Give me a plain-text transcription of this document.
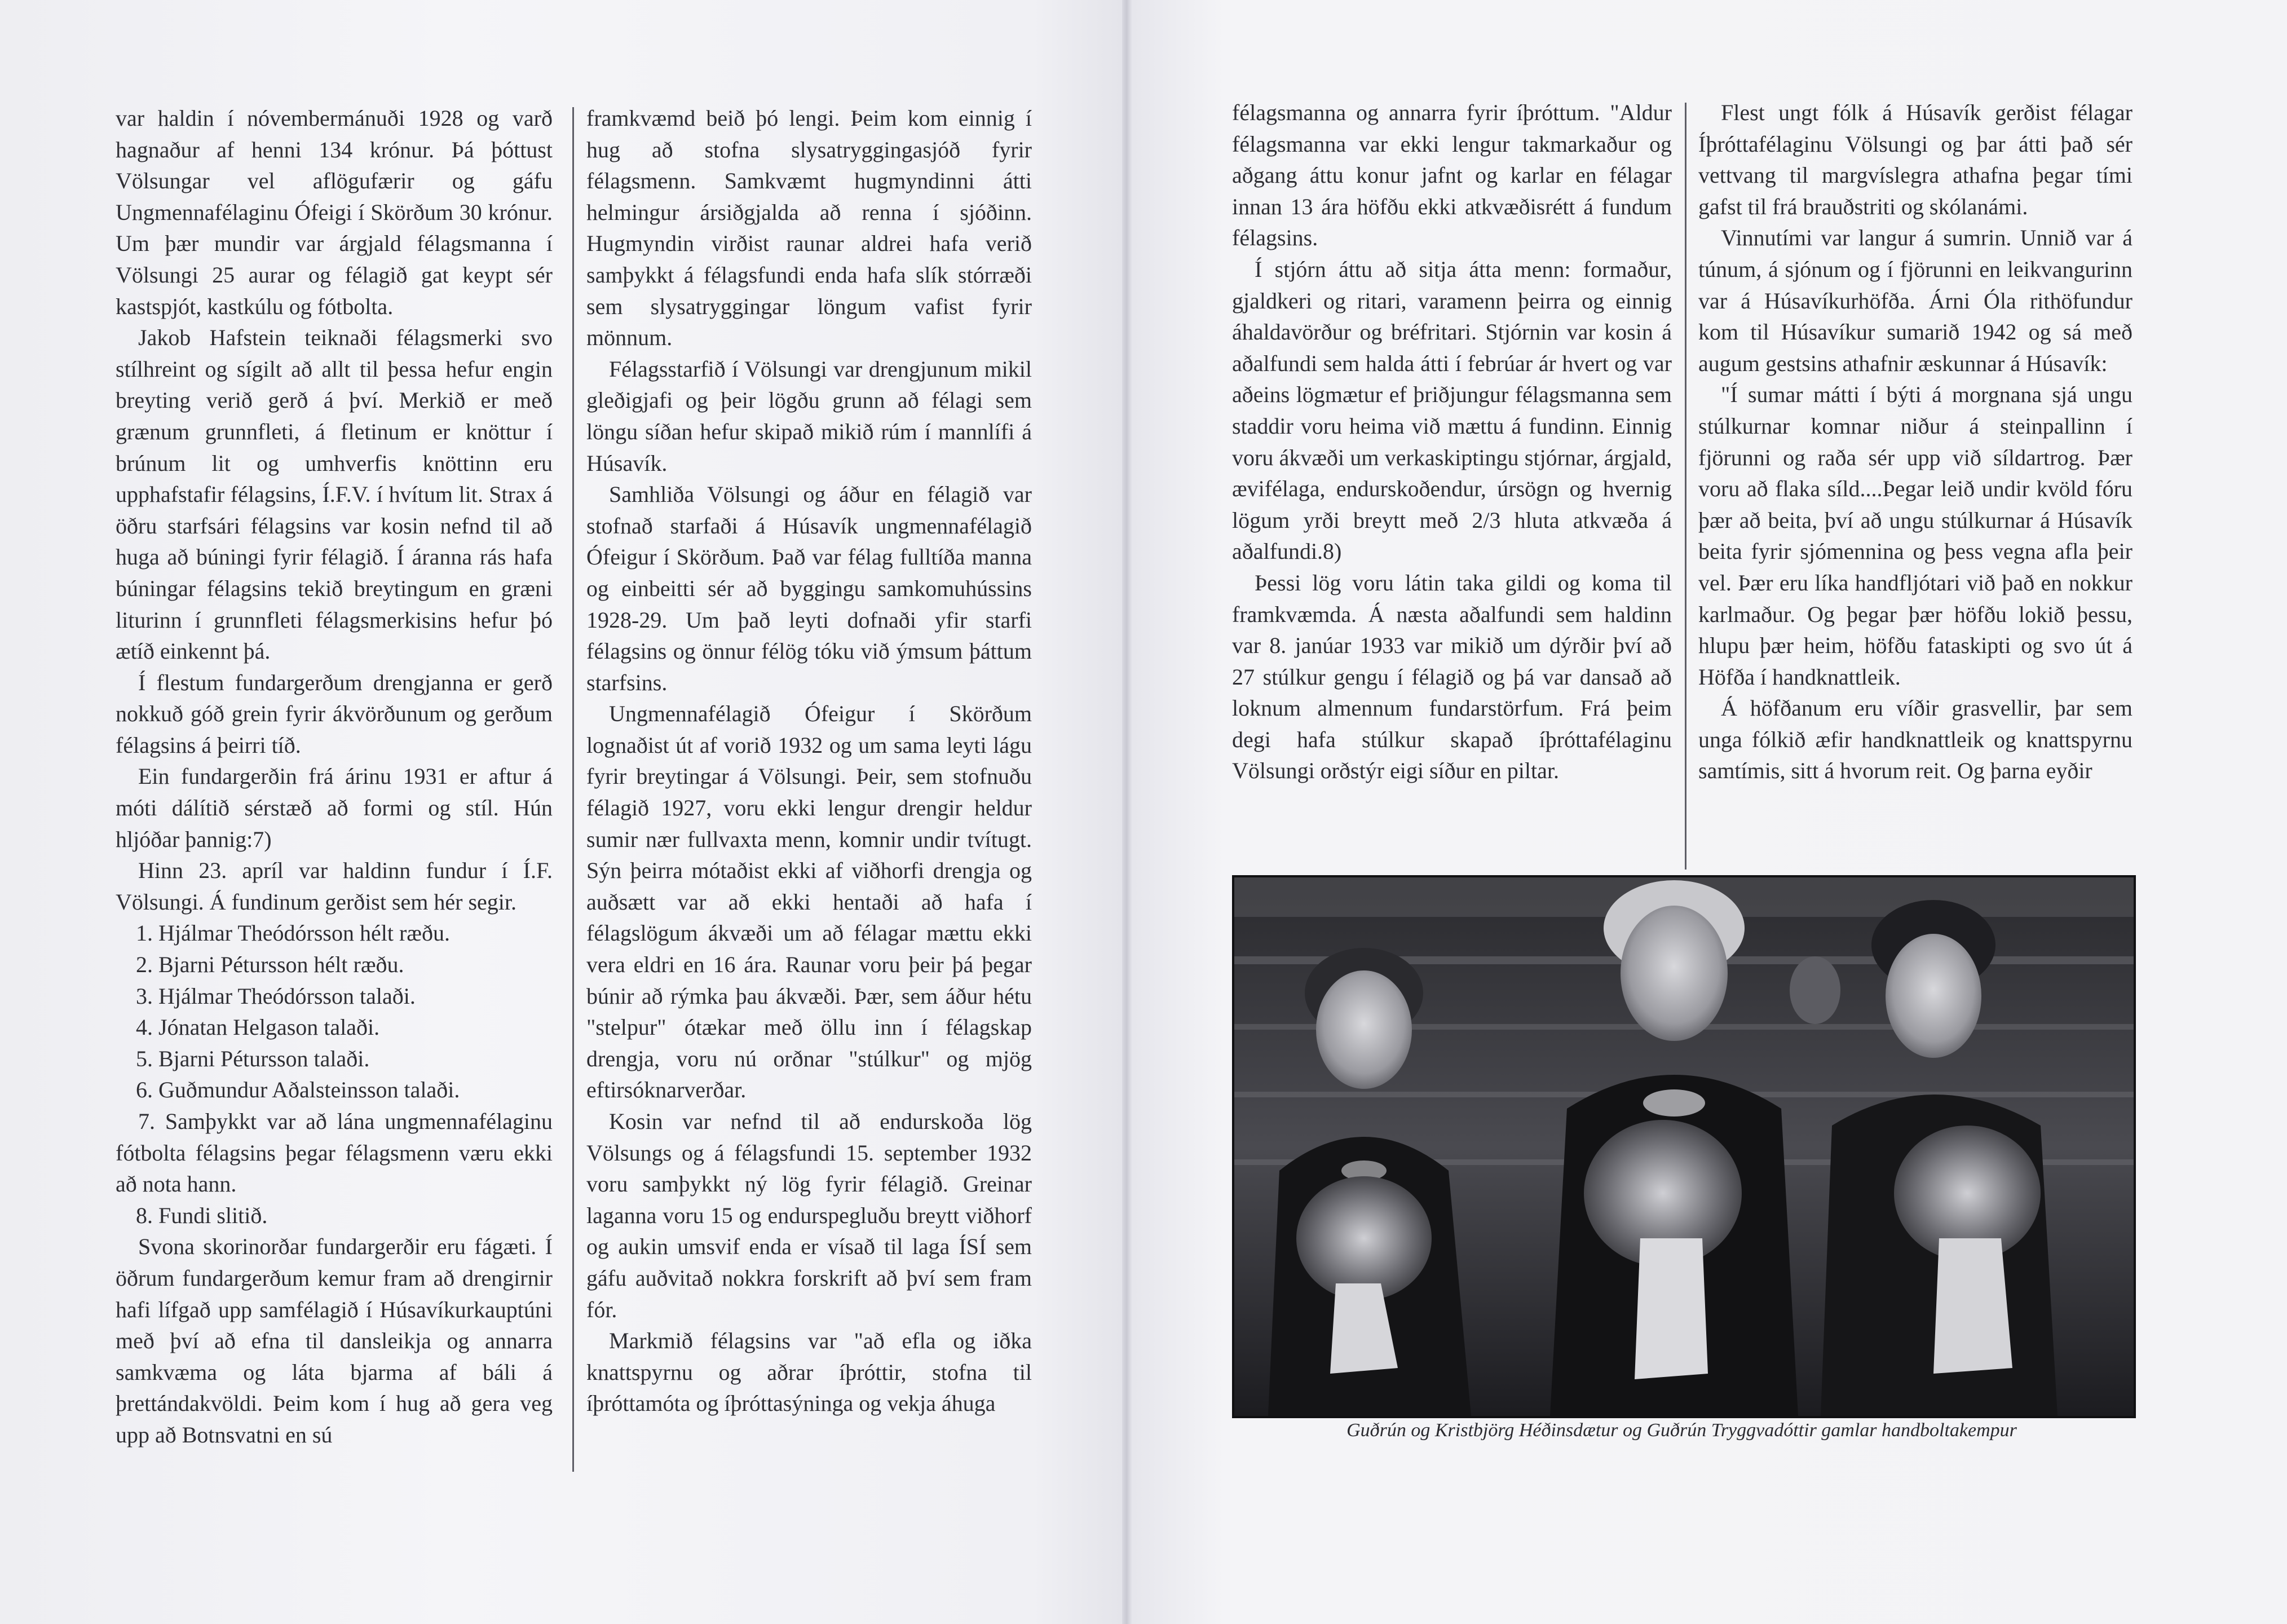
var haldin í nóvembermánuði 1928 og varð hagnaður af henni 134 krónur. Þá þóttust Völsungar vel aflögufærir og gáfu Ungmennafélaginu Ófeigi í Skörðum 30 krónur. Um þær mundir var árgjald félagsmanna í Völsungi 25 aurar og félagið gat keypt sér kastspjót, kastkúlu og fótbolta.

Jakob Hafstein teiknaði félagsmerki svo stílhreint og sígilt að allt til þessa hefur engin breyting verið gerð á því. Merkið er með grænum grunnfleti, á fletinum er knöttur í brúnum lit og umhverfis knöttinn eru upphafstafir félagsins, Í.F.V. í hvítum lit. Strax á öðru starfsári félagsins var kosin nefnd til að huga að búningi fyrir félagið. Í áranna rás hafa búningar félagsins tekið breytingum en græni liturinn í grunnfleti félagsmerkisins hefur þó ætíð einkennt þá.

Í flestum fundargerðum drengjanna er gerð nokkuð góð grein fyrir ákvörðunum og gerðum félagsins á þeirri tíð.

Ein fundargerðin frá árinu 1931 er aftur á móti dálítið sérstæð að formi og stíl. Hún hljóðar þannig:7)

Hinn 23. apríl var haldinn fundur í Í.F. Völsungi. Á fundinum gerðist sem hér segir.

1. Hjálmar Theódórsson hélt ræðu.

2. Bjarni Pétursson hélt ræðu.

3. Hjálmar Theódórsson talaði.

4. Jónatan Helgason talaði.

5. Bjarni Pétursson talaði.

6. Guðmundur Aðalsteinsson talaði.

7. Samþykkt var að lána ungmennafélaginu fótbolta félagsins þegar félagsmenn væru ekki að nota hann.

8. Fundi slitið.

Svona skorinorðar fundargerðir eru fágæti. Í öðrum fundargerðum kemur fram að drengirnir hafi lífgað upp samfélagið í Húsavíkurkauptúni með því að efna til dansleikja og annarra samkvæma og láta bjarma af báli á þrettándakvöldi. Þeim kom í hug að gera veg upp að Botnsvatni en sú

framkvæmd beið þó lengi. Þeim kom einnig í hug að stofna slysatryggingasjóð fyrir félagsmenn. Samkvæmt hugmyndinni átti helmingur ársiðgjalda að renna í sjóðinn. Hugmyndin virðist raunar aldrei hafa verið samþykkt á félagsfundi enda hafa slík stórræði sem slysatryggingar löngum vafist fyrir mönnum.

Félagsstarfið í Völsungi var drengjunum mikil gleðigjafi og þeir lögðu grunn að félagi sem löngu síðan hefur skipað mikið rúm í mannlífi á Húsavík.

Samhliða Völsungi og áður en félagið var stofnað starfaði á Húsavík ungmennafélagið Ófeigur í Skörðum. Það var félag fulltíða manna og einbeitti sér að byggingu samkomuhússins 1928-29. Um það leyti dofnaði yfir starfi félagsins og önnur félög tóku við ýmsum þáttum starfsins.

Ungmennafélagið Ófeigur í Skörðum lognaðist út af vorið 1932 og um sama leyti lágu fyrir breytingar á Völsungi. Þeir, sem stofnuðu félagið 1927, voru ekki lengur drengir heldur sumir nær fullvaxta menn, komnir undir tvítugt. Sýn þeirra mótaðist ekki af viðhorfi drengja og auðsætt var að ekki hentaði að hafa í félagslögum ákvæði um að félagar mættu ekki vera eldri en 16 ára. Raunar voru þeir þá þegar búnir að rýmka þau ákvæði. Þær, sem áður hétu "stelpur" ótækar með öllu inn í félagskap drengja, voru nú orðnar "stúlkur" og mjög eftirsóknarverðar.

Kosin var nefnd til að endurskoða lög Völsungs og á félagsfundi 15. september 1932 voru samþykkt ný lög fyrir félagið. Greinar laganna voru 15 og endurspegluðu breytt viðhorf og aukin umsvif enda er vísað til laga ÍSÍ sem gáfu auðvitað nokkra forskrift að því sem fram fór.

Markmið félagsins var "að efla og iðka knattspyrnu og aðrar íþróttir, stofna til íþróttamóta og íþróttasýninga og vekja áhuga

félagsmanna og annarra fyrir íþróttum. "Aldur félagsmanna var ekki lengur takmarkaður og aðgang áttu konur jafnt og karlar en félagar innan 13 ára höfðu ekki atkvæðisrétt á fundum félagsins.

Í stjórn áttu að sitja átta menn: formaður, gjaldkeri og ritari, varamenn þeirra og einnig áhaldavörður og bréfritari. Stjórnin var kosin á aðalfundi sem halda átti í febrúar ár hvert og var aðeins lögmætur ef þriðjungur félagsmanna sem staddir voru heima við mættu á fundinn. Einnig voru ákvæði um verkaskiptingu stjórnar, árgjald, ævifélaga, endurskoðendur, úrsögn og hvernig lögum yrði breytt með 2/3 hluta atkvæða á aðalfundi.8)

Þessi lög voru látin taka gildi og koma til framkvæmda. Á næsta aðalfundi sem haldinn var 8. janúar 1933 var mikið um dýrðir því að 27 stúlkur gengu í félagið og þá var dansað að loknum almennum fundarstörfum. Frá þeim degi hafa stúlkur skapað íþróttafélaginu Völsungi orðstýr eigi síður en piltar.

Flest ungt fólk á Húsavík gerðist félagar Íþróttafélaginu Völsungi og þar átti það sér vettvang til margvíslegra athafna þegar tími gafst til frá brauðstriti og skólanámi.

Vinnutími var langur á sumrin. Unnið var á túnum, á sjónum og í fjörunni en leikvangurinn var á Húsavíkurhöfða. Árni Óla rithöfundur kom til Húsavíkur sumarið 1942 og sá með augum gestsins athafnir æskunnar á Húsavík:

"Í sumar mátti í býti á morgnana sjá ungu stúlkurnar komnar niður á steinpallinn í fjörunni og raða sér upp við síldartrog. Þær voru að flaka síld....Þegar leið undir kvöld fóru þær að beita, því að ungu stúlkurnar á Húsavík beita fyrir sjómennina og þess vegna afla þeir vel. Þær eru líka handfljótari við það en nokkur karlmaður. Og þegar þær höfðu lokið þessu, hlupu þær heim, höfðu fataskipti og svo út á Höfða í handknattleik.

Á höfðanum eru víðir grasvellir, þar sem unga fólkið æfir handknattleik og knattspyrnu samtímis, sitt á hvorum reit. Og þarna eyðir

Guðrún og Kristbjörg Héðinsdætur og Guðrún Tryggvadóttir gamlar handboltakempur
